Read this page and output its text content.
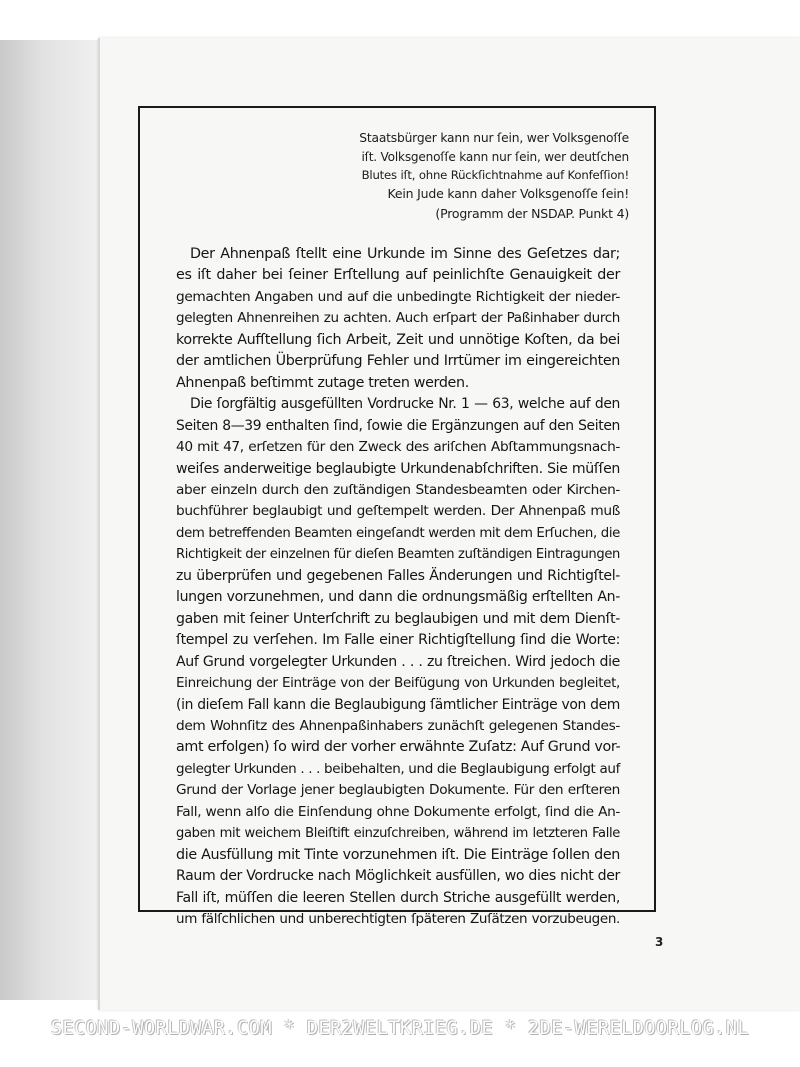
Staatsbürger kann nur ſein, wer Volksgenoſſe
iſt. Volksgenoſſe kann nur ſein, wer deutſchen
Blutes iſt, ohne Rückſichtnahme auf Konfeſſion!
Kein Jude kann daher Volksgenoſſe ſein!
(Programm der NSDAP. Punkt 4)
Der Ahnenpaß ſtellt eine Urkunde im Sinne des Geſetzes dar;
es iſt daher bei ſeiner Erſtellung auf peinlichſte Genauigkeit der
gemachten Angaben und auf die unbedingte Richtigkeit der nieder-
gelegten Ahnenreihen zu achten. Auch erſpart der Paßinhaber durch
korrekte Aufſtellung ſich Arbeit, Zeit und unnötige Koſten, da bei
der amtlichen Überprüfung Fehler und Irrtümer im eingereichten
Ahnenpaß beſtimmt zutage treten werden.
Die ſorgfältig ausgefüllten Vordrucke Nr. 1 — 63, welche auf den
Seiten 8—39 enthalten ſind, ſowie die Ergänzungen auf den Seiten
40 mit 47, erſetzen für den Zweck des ariſchen Abſtammungsnach-
weiſes anderweitige beglaubigte Urkundenabſchriften. Sie müſſen
aber einzeln durch den zuſtändigen Standesbeamten oder Kirchen-
buchführer beglaubigt und geſtempelt werden. Der Ahnenpaß muß
dem betreffenden Beamten eingeſandt werden mit dem Erſuchen, die
Richtigkeit der einzelnen für dieſen Beamten zuſtändigen Eintragungen
zu überprüfen und gegebenen Falles Änderungen und Richtigſtel-
lungen vorzunehmen, und dann die ordnungsmäßig erſtellten An-
gaben mit ſeiner Unterſchrift zu beglaubigen und mit dem Dienſt-
ſtempel zu verſehen. Im Falle einer Richtigſtellung ſind die Worte:
Auf Grund vorgelegter Urkunden . . . zu ſtreichen. Wird jedoch die
Einreichung der Einträge von der Beifügung von Urkunden begleitet,
(in dieſem Fall kann die Beglaubigung ſämtlicher Einträge von dem
dem Wohnſitz des Ahnenpaßinhabers zunächſt gelegenen Standes-
amt erfolgen) ſo wird der vorher erwähnte Zuſatz: Auf Grund vor-
gelegter Urkunden . . . beibehalten, und die Beglaubigung erfolgt auf
Grund der Vorlage jener beglaubigten Dokumente. Für den erſteren
Fall, wenn alſo die Einſendung ohne Dokumente erfolgt, ſind die An-
gaben mit weichem Bleiſtift einzuſchreiben, während im letzteren Falle
die Ausfüllung mit Tinte vorzunehmen iſt. Die Einträge ſollen den
Raum der Vordrucke nach Möglichkeit ausfüllen, wo dies nicht der
Fall iſt, müſſen die leeren Stellen durch Striche ausgefüllt werden,
um fälſchlichen und unberechtigten ſpäteren Zuſätzen vorzubeugen.
3
SECOND-WORLDWAR.COM * DER2WELTKRIEG.DE * 2DE-WERELDOORLOG.NL
